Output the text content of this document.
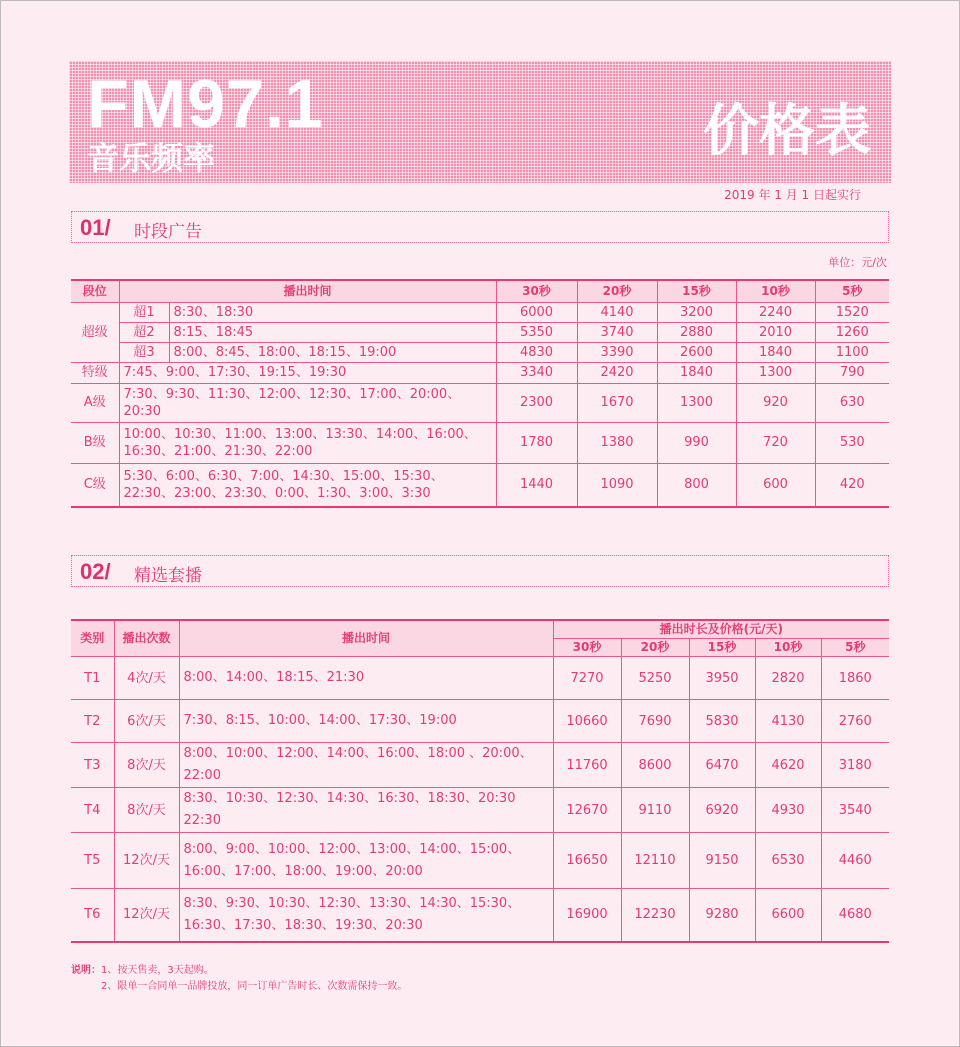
FM97.1
音乐频率	价格表
2019 年 1 月 1 日起实行
01/ 时段广告
单位：元/次
段位	播出时间		30秒	20秒	15秒	10秒	5秒
超级	超1	8:30、18:30	6000	4140	3200	2240	1520
	超2	8:15、18:45	5350	3740	2880	2010	1260
	超3	8:00、8:45、18:00、18:15、19:00	4830	3390	2600	1840	1100
特级	7:45、9:00、17:30、19:15、19:30		3340	2420	1840	1300	790
A级	7:30、9:30、11:30、12:00、12:30、17:00、20:00、20:30		2300	1670	1300	920	630
B级	10:00、10:30、11:00、13:00、13:30、14:00、16:00、16:30、21:00、21:30、22:00		1780	1380	990	720	530
C级	5:30、6:00、6:30、7:00、14:30、15:00、15:30、22:30、23:00、23:30、0:00、1:30、3:00、3:30		1440	1090	800	600	420
02/ 精选套播
类别	播出次数	播出时间	播出时长及价格(元/天)				
			30秒	20秒	15秒	10秒	5秒
T1	4次/天	8:00、14:00、18:15、21:30	7270	5250	3950	2820	1860
T2	6次/天	7:30、8:15、10:00、14:00、17:30、19:00	10660	7690	5830	4130	2760
T3	8次/天	8:00、10:00、12:00、14:00、16:00、18:00 、20:00、22:00	11760	8600	6470	4620	3180
T4	8次/天	8:30、10:30、12:30、14:30、16:30、18:30、20:30 22:30	12670	9110	6920	4930	3540
T5	12次/天	8:00、9:00、10:00、12:00、13:00、14:00、15:00、16:00、17:00、18:00、19:00、20:00	16650	12110	9150	6530	4460
T6	12次/天	8:30、9:30、10:30、12:30、13:30、14:30、15:30、16:30、17:30、18:30、19:30、20:30	16900	12230	9280	6600	4680
说明：1、按天售卖，3天起购。
2、限单一合同单一品牌投放，同一订单广告时长、次数需保持一致。
